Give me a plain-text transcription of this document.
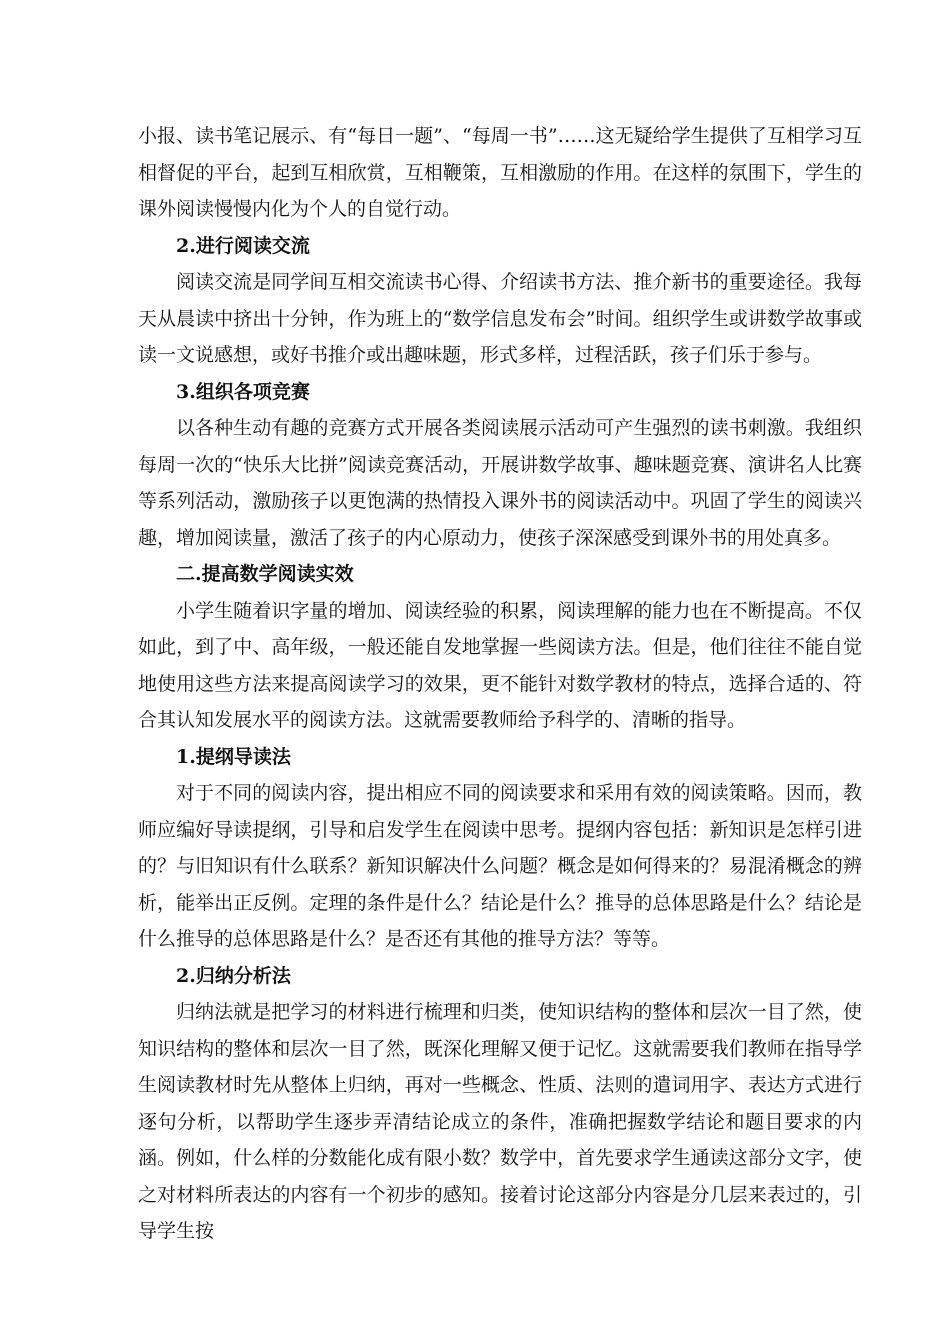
小报、读书笔记展示、有“每日一题”、“每周一书”……这无疑给学生提供了互相学习互相督促的平台，起到互相欣赏，互相鞭策，互相激励的作用。在这样的氛围下，学生的课外阅读慢慢内化为个人的自觉行动。

2.进行阅读交流

阅读交流是同学间互相交流读书心得、介绍读书方法、推介新书的重要途径。我每天从晨读中挤出十分钟，作为班上的“数学信息发布会”时间。组织学生或讲数学故事或读一文说感想，或好书推介或出趣味题，形式多样，过程活跃，孩子们乐于参与。

3.组织各项竞赛

以各种生动有趣的竞赛方式开展各类阅读展示活动可产生强烈的读书刺激。我组织每周一次的“快乐大比拼”阅读竞赛活动，开展讲数学故事、趣味题竞赛、演讲名人比赛等系列活动，激励孩子以更饱满的热情投入课外书的阅读活动中。巩固了学生的阅读兴趣，增加阅读量，激活了孩子的内心原动力，使孩子深深感受到课外书的用处真多。

二.提高数学阅读实效

小学生随着识字量的增加、阅读经验的积累，阅读理解的能力也在不断提高。不仅如此，到了中、高年级，一般还能自发地掌握一些阅读方法。但是，他们往往不能自觉地使用这些方法来提高阅读学习的效果，更不能针对数学教材的特点，选择合适的、符合其认知发展水平的阅读方法。这就需要教师给予科学的、清晰的指导。

1.提纲导读法

对于不同的阅读内容，提出相应不同的阅读要求和采用有效的阅读策略。因而，教师应编好导读提纲，引导和启发学生在阅读中思考。提纲内容包括：新知识是怎样引进的？与旧知识有什么联系？新知识解决什么问题？概念是如何得来的？易混淆概念的辨析，能举出正反例。定理的条件是什么？结论是什么？推导的总体思路是什么？结论是什么推导的总体思路是什么？是否还有其他的推导方法？等等。

2.归纳分析法

归纳法就是把学习的材料进行梳理和归类，使知识结构的整体和层次一目了然，使知识结构的整体和层次一目了然，既深化理解又便于记忆。这就需要我们教师在指导学生阅读教材时先从整体上归纳，再对一些概念、性质、法则的遣词用字、表达方式进行逐句分析，以帮助学生逐步弄清结论成立的条件，准确把握数学结论和题目要求的内涵。例如，什么样的分数能化成有限小数？数学中，首先要求学生通读这部分文字，使之对材料所表达的内容有一个初步的感知。接着讨论这部分内容是分几层来表过的，引导学生按
